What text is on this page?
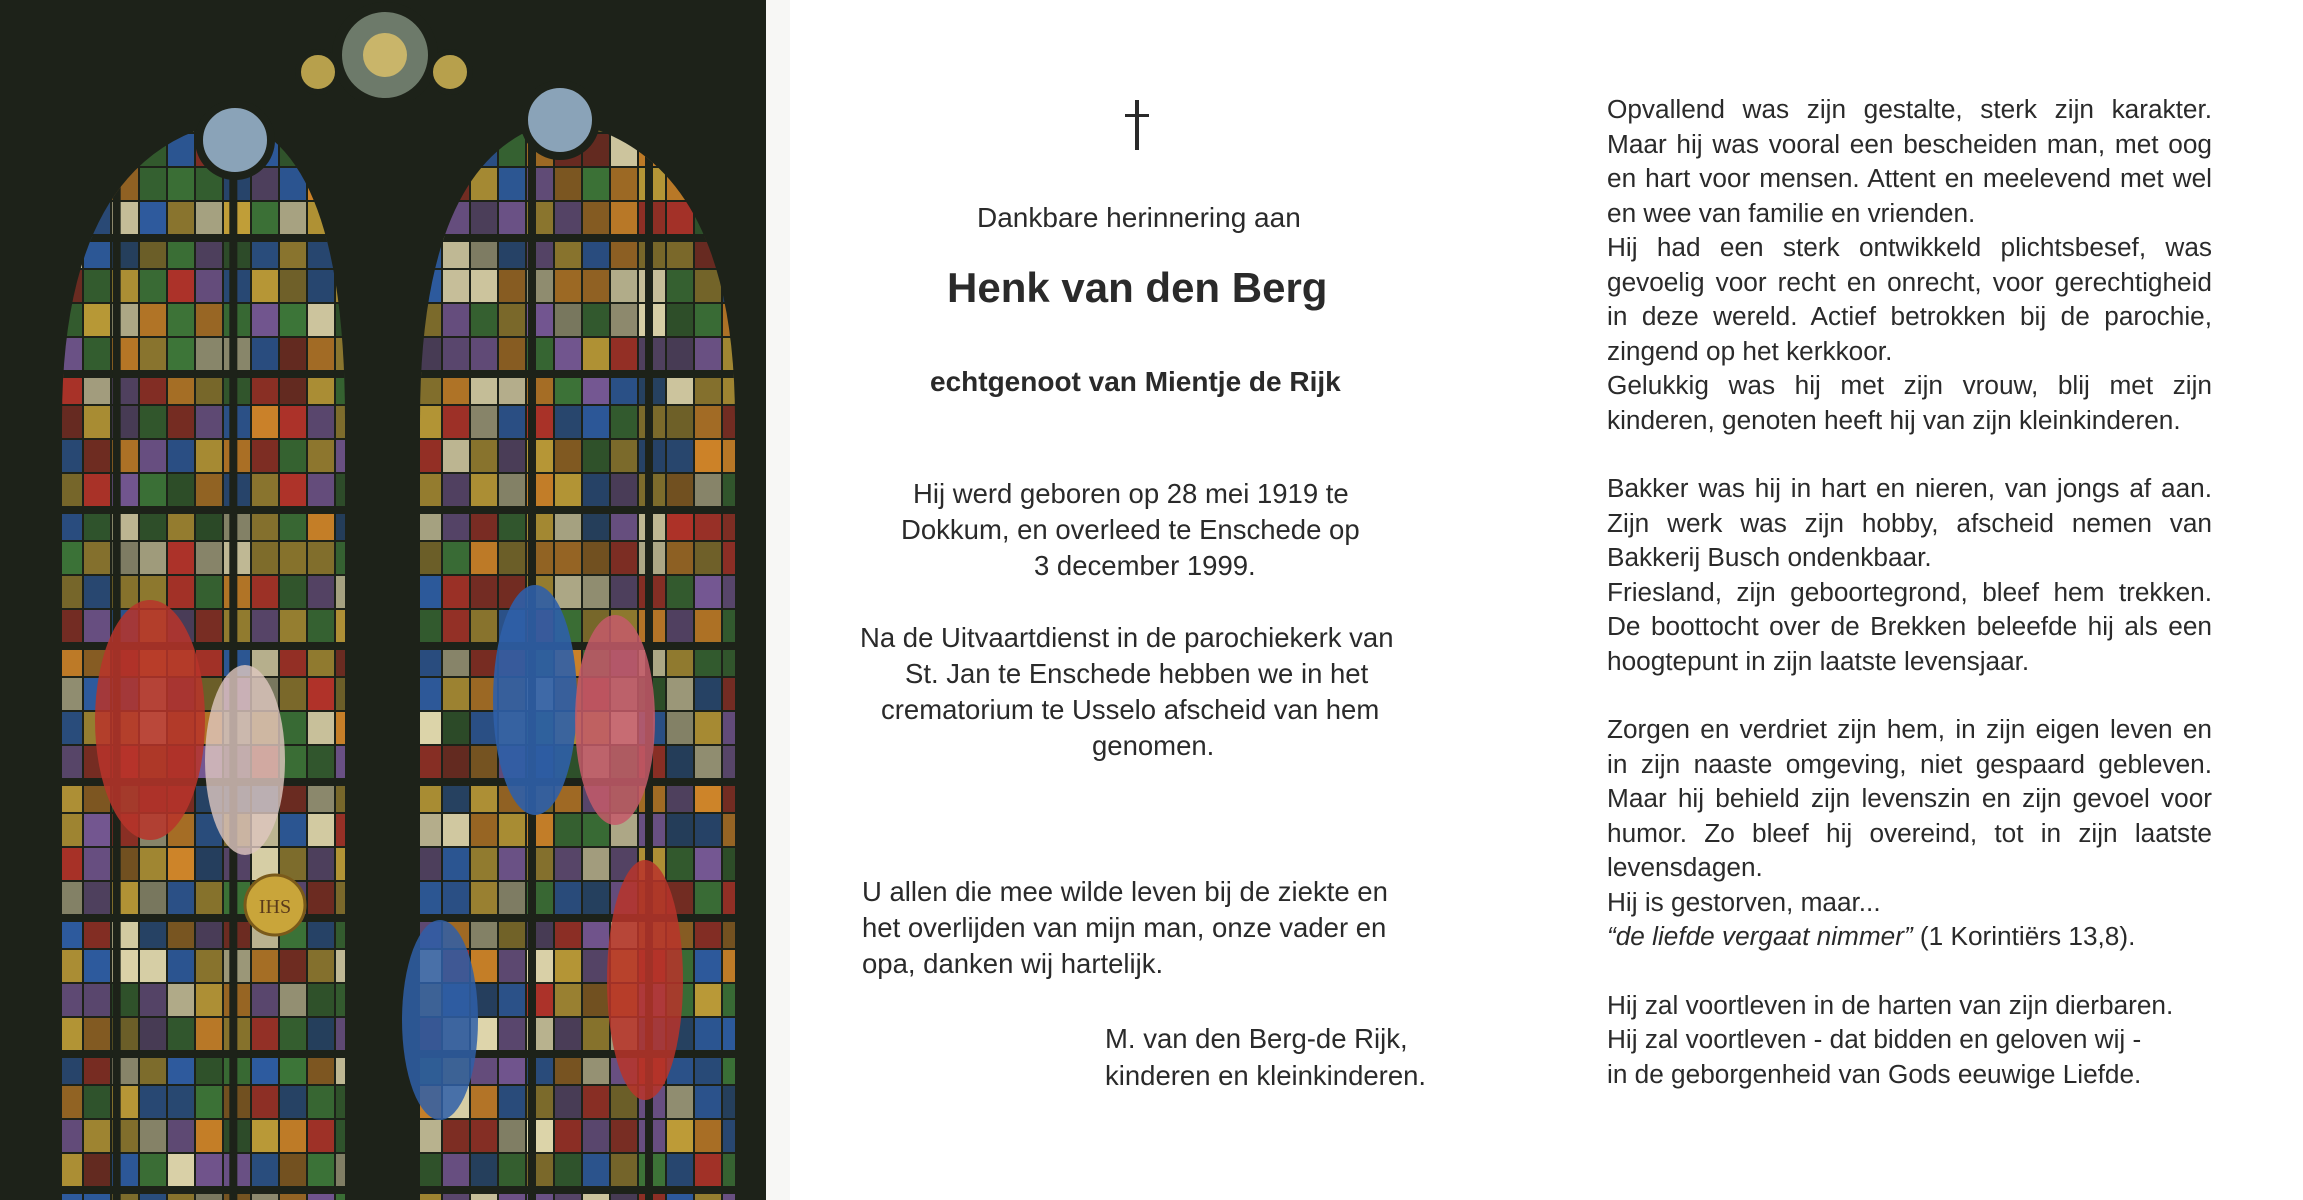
IHS
Dankbare herinnering aan
Henk van den Berg
echtgenoot van Mientje de Rijk
Hij werd geboren op 28 mei 1919 te
Dokkum, en overleed te Enschede op
3 december 1999.
Na de Uitvaartdienst in de parochiekerk van
St. Jan te Enschede hebben we in het
crematorium te Usselo afscheid van hem
genomen.
U allen die mee wilde leven bij de ziekte en
het overlijden van mijn man, onze vader en
opa, danken wij hartelijk.
M. van den Berg-de Rijk,
kinderen en kleinkinderen.

Opvallend was zijn gestalte, sterk zijn karakter. Maar hij was vooral een bescheiden man, met oog en hart voor mensen. Attent en meelevend met wel en wee van familie en vrienden.

Hij had een sterk ontwikkeld plichtsbesef, was gevoelig voor recht en onrecht, voor gerechtigheid in deze wereld. Actief betrokken bij de parochie, zingend op het kerkkoor.

Gelukkig was hij met zijn vrouw, blij met zijn kinderen, genoten heeft hij van zijn kleinkinderen.

Bakker was hij in hart en nieren, van jongs af aan. Zijn werk was zijn hobby, afscheid nemen van Bakkerij Busch ondenkbaar.

Friesland, zijn geboortegrond, bleef hem trekken. De boottocht over de Brekken beleefde hij als een hoogtepunt in zijn laatste levensjaar.

Zorgen en verdriet zijn hem, in zijn eigen leven en in zijn naaste omgeving, niet gespaard gebleven. Maar hij behield zijn levenszin en zijn gevoel voor humor. Zo bleef hij overeind, tot in zijn laatste levensdagen.

Hij is gestorven, maar...

“de liefde vergaat nimmer” (1 Korintiërs 13,8).

Hij zal voortleven in de harten van zijn dierbaren.

Hij zal voortleven - dat bidden en geloven wij -

in de geborgenheid van Gods eeuwige Liefde.
